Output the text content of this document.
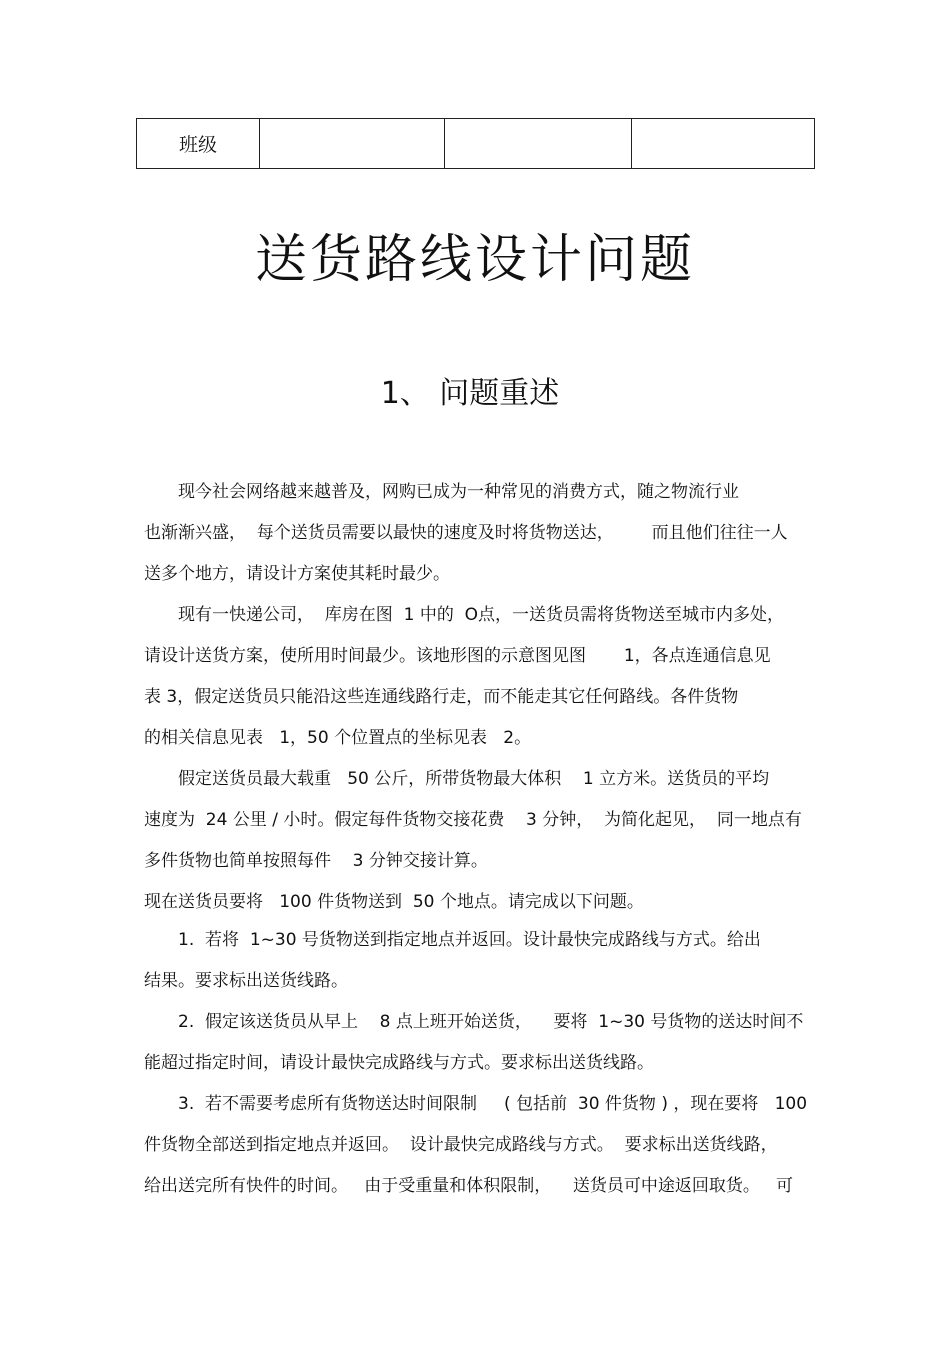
班级			
送货路线设计问题
1、 问题重述
现今社会网络越来越普及，网购已成为一种常见的消费方式，随之物流行业
也渐渐兴盛，  每个送货员需要以最快的速度及时将货物送达，       而且他们往往一人
送多个地方，请设计方案使其耗时最少。
现有一快递公司，  库房在图  1 中的  O点，一送货员需将货物送至城市内多处，
请设计送货方案，使所用时间最少。该地形图的示意图见图       1，各点连通信息见
表 3，假定送货员只能沿这些连通线路行走，而不能走其它任何路线。各件货物
的相关信息见表   1，50 个位置点的坐标见表   2。
假定送货员最大载重   50 公斤，所带货物最大体积    1 立方米。送货员的平均
速度为  24 公里 / 小时。假定每件货物交接花费    3 分钟，  为简化起见，  同一地点有
多件货物也简单按照每件    3 分钟交接计算。
现在送货员要将   100 件货物送到  50 个地点。请完成以下问题。
1.  若将  1~30 号货物送到指定地点并返回。设计最快完成路线与方式。给出
结果。要求标出送货线路。
2.  假定该送货员从早上    8 点上班开始送货，    要将  1~30 号货物的送达时间不
能超过指定时间，请设计最快完成路线与方式。要求标出送货线路。
3.  若不需要考虑所有货物送达时间限制     ( 包括前  30 件货物 ) ，现在要将   100
件货物全部送到指定地点并返回。  设计最快完成路线与方式。  要求标出送货线路，
给出送完所有快件的时间。   由于受重量和体积限制，    送货员可中途返回取货。   可
